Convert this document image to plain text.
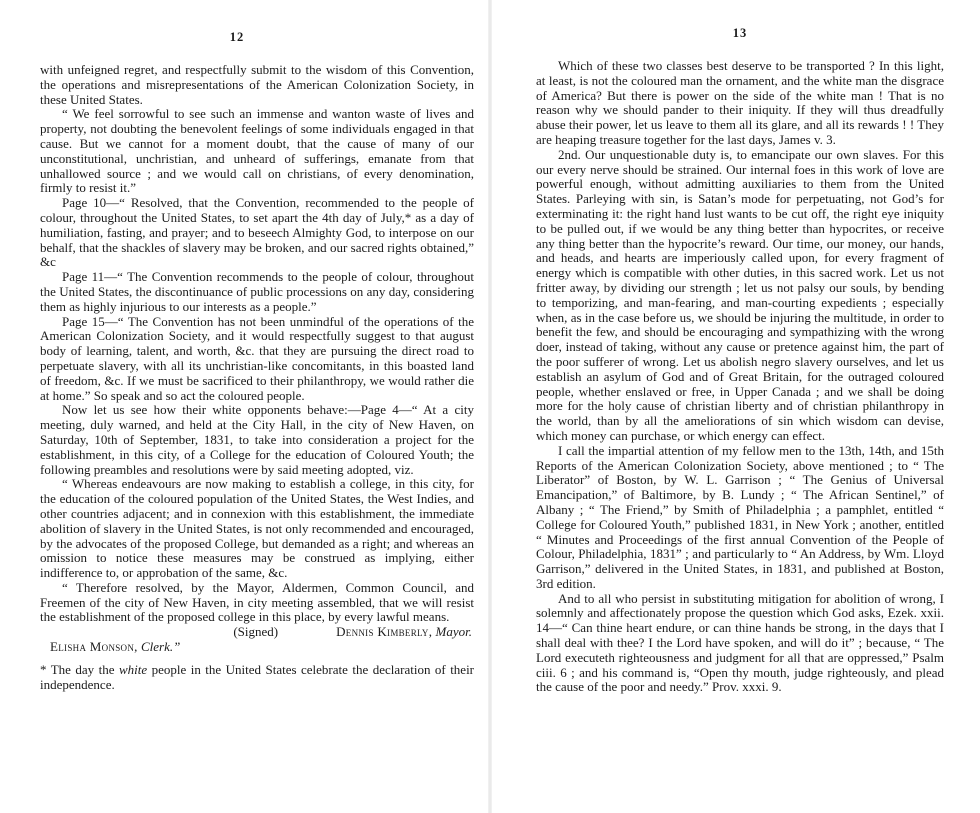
12

with unfeigned regret, and respectfully submit to the wisdom of this Convention, the operations and misrepresentations of the American Colonization Society, in these United States.

“ We feel sorrowful to see such an immense and wanton waste of lives and property, not doubting the benevolent feelings of some individuals engaged in that cause. But we cannot for a moment doubt, that the cause of many of our unconstitutional, unchristian, and unheard of sufferings, emanate from that unhallowed source ; and we would call on christians, of every denomination, firmly to resist it.”

Page 10—“ Resolved, that the Convention, recommended to the people of colour, throughout the United States, to set apart the 4th day of July,* as a day of humiliation, fasting, and prayer; and to beseech Almighty God, to interpose on our behalf, that the shackles of slavery may be broken, and our sacred rights obtained,” &c

Page 11—“ The Convention recommends to the people of colour, throughout the United States, the discontinuance of public processions on any day, considering them as highly injurious to our interests as a people.”

Page 15—“ The Convention has not been unmindful of the operations of the American Colonization Society, and it would respectfully suggest to that august body of learning, talent, and worth, &c. that they are pursuing the direct road to perpetuate slavery, with all its unchristian-like concomitants, in this boasted land of freedom, &c. If we must be sacrificed to their philanthropy, we would rather die at home.” So speak and so act the coloured people.

Now let us see how their white opponents behave:—Page 4—“ At a city meeting, duly warned, and held at the City Hall, in the city of New Haven, on Saturday, 10th of September, 1831, to take into consideration a project for the establishment, in this city, of a College for the education of Coloured Youth; the following preambles and resolutions were by said meeting adopted, viz.

“ Whereas endeavours are now making to establish a college, in this city, for the education of the coloured population of the United States, the West Indies, and other countries adjacent; and in connexion with this establishment, the immediate abolition of slavery in the United States, is not only recommended and encouraged, by the advocates of the proposed College, but demanded as a right; and whereas an omission to notice these measures may be construed as implying, either indifference to, or approbation of the same, &c.

“ Therefore resolved, by the Mayor, Aldermen, Common Council, and Freemen of the city of New Haven, in city meeting assembled, that we will resist the establishment of the proposed college in this place, by every lawful means.

(Signed)	Dennis Kimberly, Mayor.
Elisha Monson, Clerk.”

* The day the white people in the United States celebrate the declaration of their independence.

13

Which of these two classes best deserve to be transported ? In this light, at least, is not the coloured man the ornament, and the white man the disgrace of America? But there is power on the side of the white man ! That is no reason why we should pander to their iniquity. If they will thus dreadfully abuse their power, let us leave to them all its glare, and all its rewards ! ! They are heaping treasure together for the last days, James v. 3.

2nd. Our unquestionable duty is, to emancipate our own slaves. For this our every nerve should be strained. Our internal foes in this work of love are powerful enough, without admitting auxiliaries to them from the United States. Parleying with sin, is Satan’s mode for perpetuating, not God’s for exterminating it: the right hand lust wants to be cut off, the right eye iniquity to be pulled out, if we would be any thing better than hypocrites, or receive any thing better than the hypocrite’s reward. Our time, our money, our hands, and heads, and hearts are imperiously called upon, for every fragment of energy which is compatible with other duties, in this sacred work. Let us not fritter away, by dividing our strength ; let us not palsy our souls, by bending to temporizing, and man-fearing, and man-courting expedients ; especially when, as in the case before us, we should be injuring the multitude, in order to benefit the few, and should be encouraging and sympathizing with the wrong doer, instead of taking, without any cause or pretence against him, the part of the poor sufferer of wrong. Let us abolish negro slavery ourselves, and let us establish an asylum of God and of Great Britain, for the outraged coloured people, whether enslaved or free, in Upper Canada ; and we shall be doing more for the holy cause of christian liberty and of christian philanthropy in the world, than by all the ameliorations of sin which wisdom can devise, which money can purchase, or which energy can effect.

I call the impartial attention of my fellow men to the 13th, 14th, and 15th Reports of the American Colonization Society, above mentioned ; to “ The Liberator” of Boston, by W. L. Garrison ; “ The Genius of Universal Emancipation,” of Baltimore, by B. Lundy ; “ The African Sentinel,” of Albany ; “ The Friend,” by Smith of Philadelphia ; a pamphlet, entitled “ College for Coloured Youth,” published 1831, in New York ; another, entitled “ Minutes and Proceedings of the first annual Convention of the People of Colour, Philadelphia, 1831” ; and particularly to “ An Address, by Wm. Lloyd Garrison,” delivered in the United States, in 1831, and published at Boston, 3rd edition.

And to all who persist in substituting mitigation for abolition of wrong, I solemnly and affectionately propose the question which God asks, Ezek. xxii. 14—“ Can thine heart endure, or can thine hands be strong, in the days that I shall deal with thee? I the Lord have spoken, and will do it” ; because, “ The Lord executeth righteousness and judgment for all that are oppressed,” Psalm ciii. 6 ; and his command is, “Open thy mouth, judge righteously, and plead the cause of the poor and needy.” Prov. xxxi. 9.
